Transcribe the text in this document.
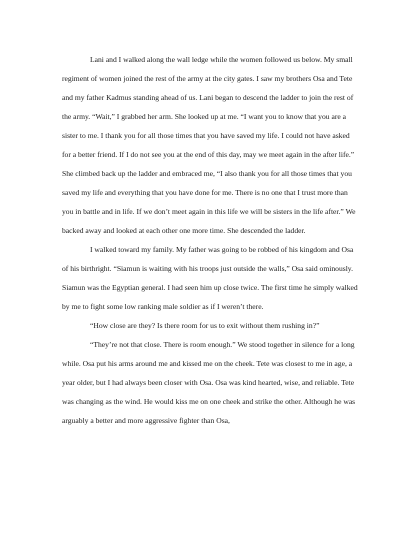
Lani and I walked along the wall ledge while the women followed us below. My small regiment of women joined the rest of the army at the city gates. I saw my brothers Osa and Tete and my father Kadmus standing ahead of us. Lani began to descend the ladder to join the rest of the army. “Wait,” I grabbed her arm. She looked up at me. “I want you to know that you are a sister to me. I thank you for all those times that you have saved my life. I could not have asked for a better friend. If I do not see you at the end of this day, may we meet again in the after life.” She climbed back up the ladder and embraced me, “I also thank you for all those times that you saved my life and everything that you have done for me. There is no one that I trust more than you in battle and in life. If we don’t meet again in this life we will be sisters in the life after.” We backed away and looked at each other one more time. She descended the ladder.

I walked toward my family. My father was going to be robbed of his kingdom and Osa of his birthright. “Siamun is waiting with his troops just outside the walls,” Osa said ominously. Siamun was the Egyptian general. I had seen him up close twice. The first time he simply walked by me to fight some low ranking male soldier as if I weren’t there.

“How close are they? Is there room for us to exit without them rushing in?”

“They’re not that close. There is room enough.” We stood together in silence for a long while. Osa put his arms around me and kissed me on the cheek. Tete was closest to me in age, a year older, but I had always been closer with Osa. Osa was kind hearted, wise, and reliable. Tete was changing as the wind. He would kiss me on one cheek and strike the other. Although he was arguably a better and more aggressive fighter than Osa,
